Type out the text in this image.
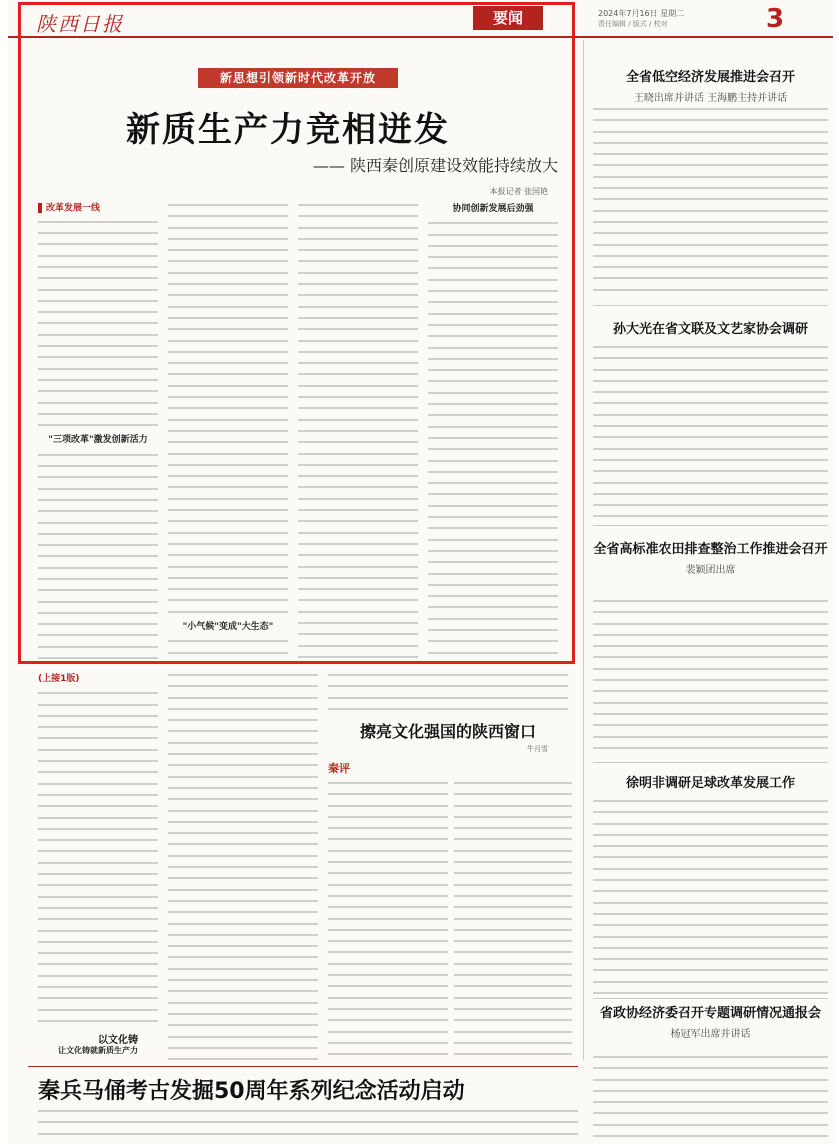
陕西日报	要闻	2024年7月16日 星期二
责任编辑 / 版式 / 校对	3
新思想引领新时代改革开放
新质生产力竞相迸发
—— 陕西秦创原建设效能持续放大
本报记者 张国艳
改革发展一线
"三项改革"激发创新活力
"小气候"变成"大生态"
协同创新发展后劲强
全省低空经济发展推进会召开
王晓出席并讲话 王海鹏主持并讲话
孙大光在省文联及文艺家协会调研
全省高标准农田排查整治工作推进会召开
裴颖团出席
徐明非调研足球改革发展工作
省政协经济委召开专题调研情况通报会
杨冠军出席并讲话
(上接1版)
以文化铸
让文化铸就新质生产力
擦亮文化强国的陕西窗口
牛月雪
秦评
秦兵马俑考古发掘50周年系列纪念活动启动
